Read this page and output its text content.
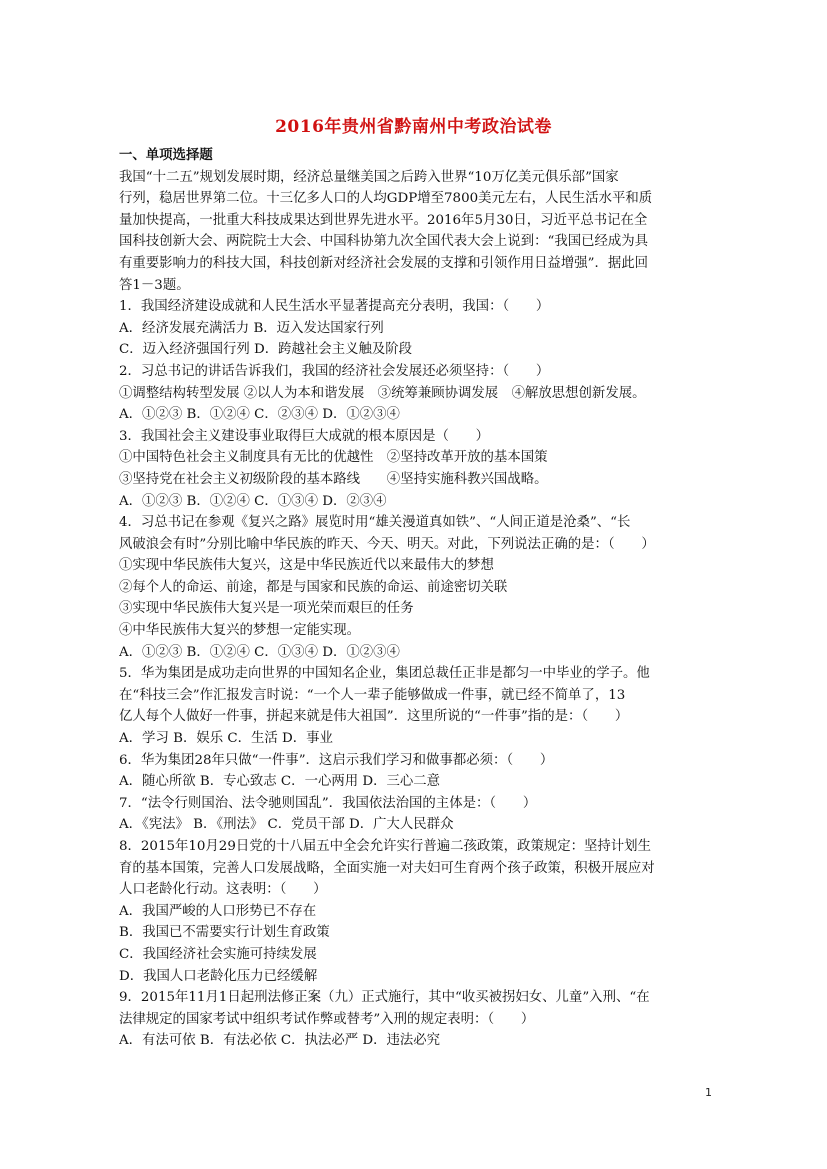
2016年贵州省黔南州中考政治试卷
一、单项选择题
我国“十二五”规划发展时期，经济总量继美国之后跨入世界“10万亿美元俱乐部”国家
行列，稳居世界第二位。十三亿多人口的人均GDP增至7800美元左右，人民生活水平和质
量加快提高，一批重大科技成果达到世界先进水平。2016年5月30日，习近平总书记在全
国科技创新大会、两院院士大会、中国科协第九次全国代表大会上说到：“我国已经成为具
有重要影响力的科技大国，科技创新对经济社会发展的支撑和引领作用日益增强”．据此回
答1－3题。
1．我国经济建设成就和人民生活水平显著提高充分表明，我国：（　　）
A．经济发展充满活力 B．迈入发达国家行列
C．迈入经济强国行列 D．跨越社会主义触及阶段
2．习总书记的讲话告诉我们，我国的经济社会发展还必须坚持：（　　）
①调整结构转型发展 ②以人为本和谐发展　③统筹兼顾协调发展　④解放思想创新发展。
A．①②③ B．①②④ C．②③④ D．①②③④
3．我国社会主义建设事业取得巨大成就的根本原因是（　　）
①中国特色社会主义制度具有无比的优越性　②坚持改革开放的基本国策
③坚持党在社会主义初级阶段的基本路线　　④坚持实施科教兴国战略。
A．①②③ B．①②④ C．①③④ D．②③④
4．习总书记在参观《复兴之路》展览时用“雄关漫道真如铁”、“人间正道是沧桑”、“长
风破浪会有时”分别比喻中华民族的昨天、今天、明天。对此，下列说法正确的是：（　　）
①实现中华民族伟大复兴，这是中华民族近代以来最伟大的梦想
②每个人的命运、前途，都是与国家和民族的命运、前途密切关联
③实现中华民族伟大复兴是一项光荣而艰巨的任务
④中华民族伟大复兴的梦想一定能实现。
A．①②③ B．①②④ C．①③④ D．①②③④
5．华为集团是成功走向世界的中国知名企业，集团总裁任正非是都匀一中毕业的学子。他
在“科技三会”作汇报发言时说：“一个人一辈子能够做成一件事，就已经不简单了，13
亿人每个人做好一件事，拼起来就是伟大祖国”．这里所说的“一件事”指的是：（　　）
A．学习 B．娱乐 C．生活 D．事业
6．华为集团28年只做“一件事”．这启示我们学习和做事都必须：（　　）
A．随心所欲 B．专心致志 C．一心两用 D．三心二意
7．“法令行则国治、法令驰则国乱”．我国依法治国的主体是：（　　）
A．《宪法》 B．《刑法》 C．党员干部 D．广大人民群众
8．2015年10月29日党的十八届五中全会允许实行普遍二孩政策，政策规定：坚持计划生
育的基本国策，完善人口发展战略，全面实施一对夫妇可生育两个孩子政策，积极开展应对
人口老龄化行动。这表明：（　　）
A．我国严峻的人口形势已不存在
B．我国已不需要实行计划生育政策
C．我国经济社会实施可持续发展
D．我国人口老龄化压力已经缓解
9．2015年11月1日起刑法修正案（九）正式施行，其中“收买被拐妇女、儿童”入刑、“在
法律规定的国家考试中组织考试作弊或替考”入刑的规定表明：（　　）
A．有法可依 B．有法必依 C．执法必严 D．违法必究
1
